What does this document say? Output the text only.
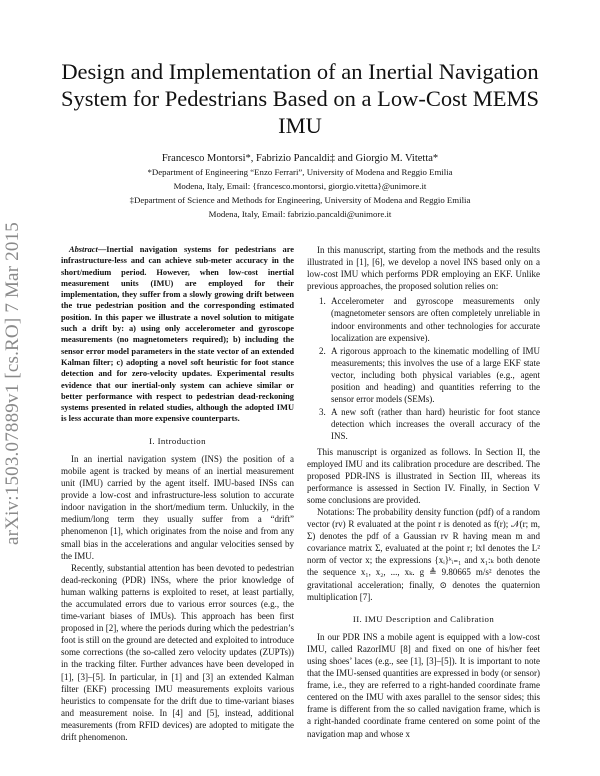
arXiv:1503.07889v1 [cs.RO] 7 Mar 2015
Design and Implementation of an Inertial Navigation System for Pedestrians Based on a Low-Cost MEMS IMU
Francesco Montorsi*, Fabrizio Pancaldi‡ and Giorgio M. Vitetta*
*Department of Engineering “Enzo Ferrari”, University of Modena and Reggio Emilia
Modena, Italy, Email: {francesco.montorsi, giorgio.vitetta}@unimore.it
‡Department of Science and Methods for Engineering, University of Modena and Reggio Emilia
Modena, Italy, Email: fabrizio.pancaldi@unimore.it

Abstract—Inertial navigation systems for pedestrians are infrastructure-less and can achieve sub-meter accuracy in the short/medium period. However, when low-cost inertial measurement units (IMU) are employed for their implementation, they suffer from a slowly growing drift between the true pedestrian position and the corresponding estimated position. In this paper we illustrate a novel solution to mitigate such a drift by: a) using only accelerometer and gyroscope measurements (no magnetometers required); b) including the sensor error model parameters in the state vector of an extended Kalman filter; c) adopting a novel soft heuristic for foot stance detection and for zero-velocity updates. Experimental results evidence that our inertial-only system can achieve similar or better performance with respect to pedestrian dead-reckoning systems presented in related studies, although the adopted IMU is less accurate than more expensive counterparts.

I. Introduction

In an inertial navigation system (INS) the position of a mobile agent is tracked by means of an inertial measurement unit (IMU) carried by the agent itself. IMU-based INSs can provide a low-cost and infrastructure-less solution to accurate indoor navigation in the short/medium term. Unluckily, in the medium/long term they usually suffer from a “drift” phenomenon [1], which originates from the noise and from any small bias in the accelerations and angular velocities sensed by the IMU.

Recently, substantial attention has been devoted to pedestrian dead-reckoning (PDR) INSs, where the prior knowledge of human walking patterns is exploited to reset, at least partially, the accumulated errors due to various error sources (e.g., the time-variant biases of IMUs). This approach has been first proposed in [2], where the periods during which the pedestrian’s foot is still on the ground are detected and exploited to introduce some corrections (the so-called zero velocity updates (ZUPTs)) in the tracking filter. Further advances have been developed in [1], [3]–[5]. In particular, in [1] and [3] an extended Kalman filter (EKF) processing IMU measurements exploits various heuristics to compensate for the drift due to time-variant biases and measurement noise. In [4] and [5], instead, additional measurements (from RFID devices) are adopted to mitigate the drift phenomenon.

In this manuscript, starting from the methods and the results illustrated in [1], [6], we develop a novel INS based only on a low-cost IMU which performs PDR employing an EKF. Unlike previous approaches, the proposed solution relies on:

1. Accelerometer and gyroscope measurements only (magnetometer sensors are often completely unreliable in indoor environments and other technologies for accurate localization are expensive).
2. A rigorous approach to the kinematic modelling of IMU measurements; this involves the use of a large EKF state vector, including both physical variables (e.g., agent position and heading) and quantities referring to the sensor error models (SEMs).
3. A new soft (rather than hard) heuristic for foot stance detection which increases the overall accuracy of the INS.

This manuscript is organized as follows. In Section II, the employed IMU and its calibration procedure are described. The proposed PDR-INS is illustrated in Section III, whereas its performance is assessed in Section IV. Finally, in Section V some conclusions are provided.

Notations: The probability density function (pdf) of a random vector (rv) R evaluated at the point r is denoted as f(r); 𝒩(r; m, Σ) denotes the pdf of a Gaussian rv R having mean m and covariance matrix Σ, evaluated at the point r; ‖x‖ denotes the L² norm of vector x; the expressions {xᵢ}ᵏᵢ₌₁ and x₁:ₖ both denote the sequence x₁, x₂, ..., xₖ. g ≜ 9.80665 m/s² denotes the gravitational acceleration; finally, ⊙ denotes the quaternion multiplication [7].

II. IMU Description and Calibration

In our PDR INS a mobile agent is equipped with a low-cost IMU, called RazorIMU [8] and fixed on one of his/her feet using shoes’ laces (e.g., see [1], [3]–[5]). It is important to note that the IMU-sensed quantities are expressed in body (or sensor) frame, i.e., they are referred to a right-handed coordinate frame centered on the IMU with axes parallel to the sensor sides; this frame is different from the so called navigation frame, which is a right-handed coordinate frame centered on some point of the navigation map and whose x
